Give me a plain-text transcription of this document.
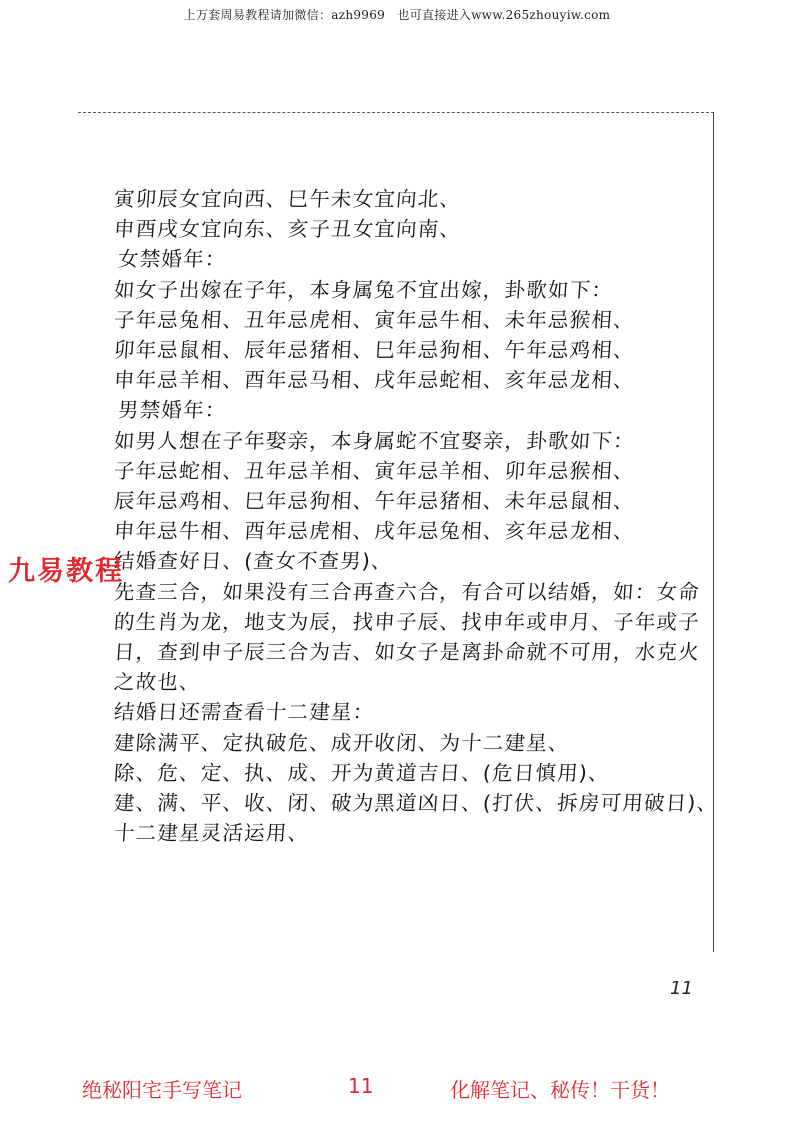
上万套周易教程请加微信：azh9969　也可直接进入www.265zhouyiw.com
寅卯辰女宜向西、巳午未女宜向北、
申酉戌女宜向东、亥子丑女宜向南、
女禁婚年：
如女子出嫁在子年，本身属兔不宜出嫁，卦歌如下：
子年忌兔相、丑年忌虎相、寅年忌牛相、未年忌猴相、
卯年忌鼠相、辰年忌猪相、巳年忌狗相、午年忌鸡相、
申年忌羊相、酉年忌马相、戌年忌蛇相、亥年忌龙相、
男禁婚年：
如男人想在子年娶亲，本身属蛇不宜娶亲，卦歌如下：
子年忌蛇相、丑年忌羊相、寅年忌羊相、卯年忌猴相、
辰年忌鸡相、巳年忌狗相、午年忌猪相、未年忌鼠相、
申年忌牛相、酉年忌虎相、戌年忌兔相、亥年忌龙相、
结婚查好日、(查女不查男)、
先查三合，如果没有三合再查六合，有合可以结婚，如：女命
的生肖为龙，地支为辰，找申子辰、找申年或申月、子年或子
日，查到申子辰三合为吉、如女子是离卦命就不可用，水克火
之故也、
结婚日还需查看十二建星：
建除满平、定执破危、成开收闭、为十二建星、
除、危、定、执、成、开为黄道吉日、(危日慎用)、
建、满、平、收、闭、破为黑道凶日、(打伏、拆房可用破日)、
十二建星灵活运用、
11
九易教程
绝秘阳宅手写笔记	11	化解笔记、秘传！干货！
